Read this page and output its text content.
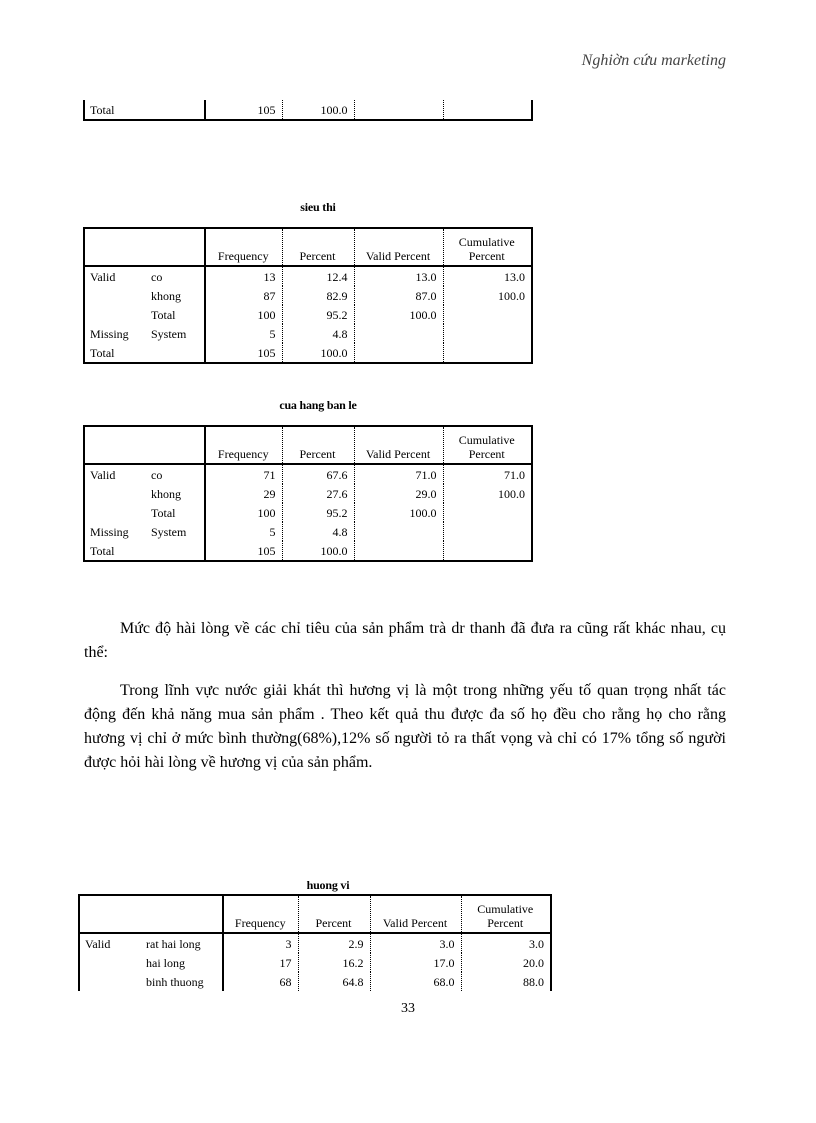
Nghiờn cứu marketing
Total	105	100.0		
sieu thi
		Frequency	Percent	Valid Percent	Cumulative
Percent
Valid	co	13	12.4	13.0	13.0
	khong	87	82.9	87.0	100.0
	Total	100	95.2	100.0	
Missing	System	5	4.8		
Total		105	100.0		
cua hang ban le
		Frequency	Percent	Valid Percent	Cumulative
Percent
Valid	co	71	67.6	71.0	71.0
	khong	29	27.6	29.0	100.0
	Total	100	95.2	100.0	
Missing	System	5	4.8		
Total		105	100.0		

Mức độ hài lòng về các chỉ tiêu của sản phẩm trà dr thanh đã đưa ra cũng rất khác nhau, cụ thể:

Trong lĩnh vực nước giải khát thì hương vị là một trong những yếu tố quan trọng nhất tác động đến khả năng mua sản phẩm . Theo kết quả thu được đa số họ đều cho rằng họ cho rằng hương vị chỉ ở mức bình thường(68%),12% số người tỏ ra thất vọng và chỉ có 17% tổng số người được hỏi hài lòng về hương vị của sản phẩm.

huong vi
		Frequency	Percent	Valid Percent	Cumulative
Percent
Valid	rat hai long	3	2.9	3.0	3.0
	hai long	17	16.2	17.0	20.0
	binh thuong	68	64.8	68.0	88.0
33
